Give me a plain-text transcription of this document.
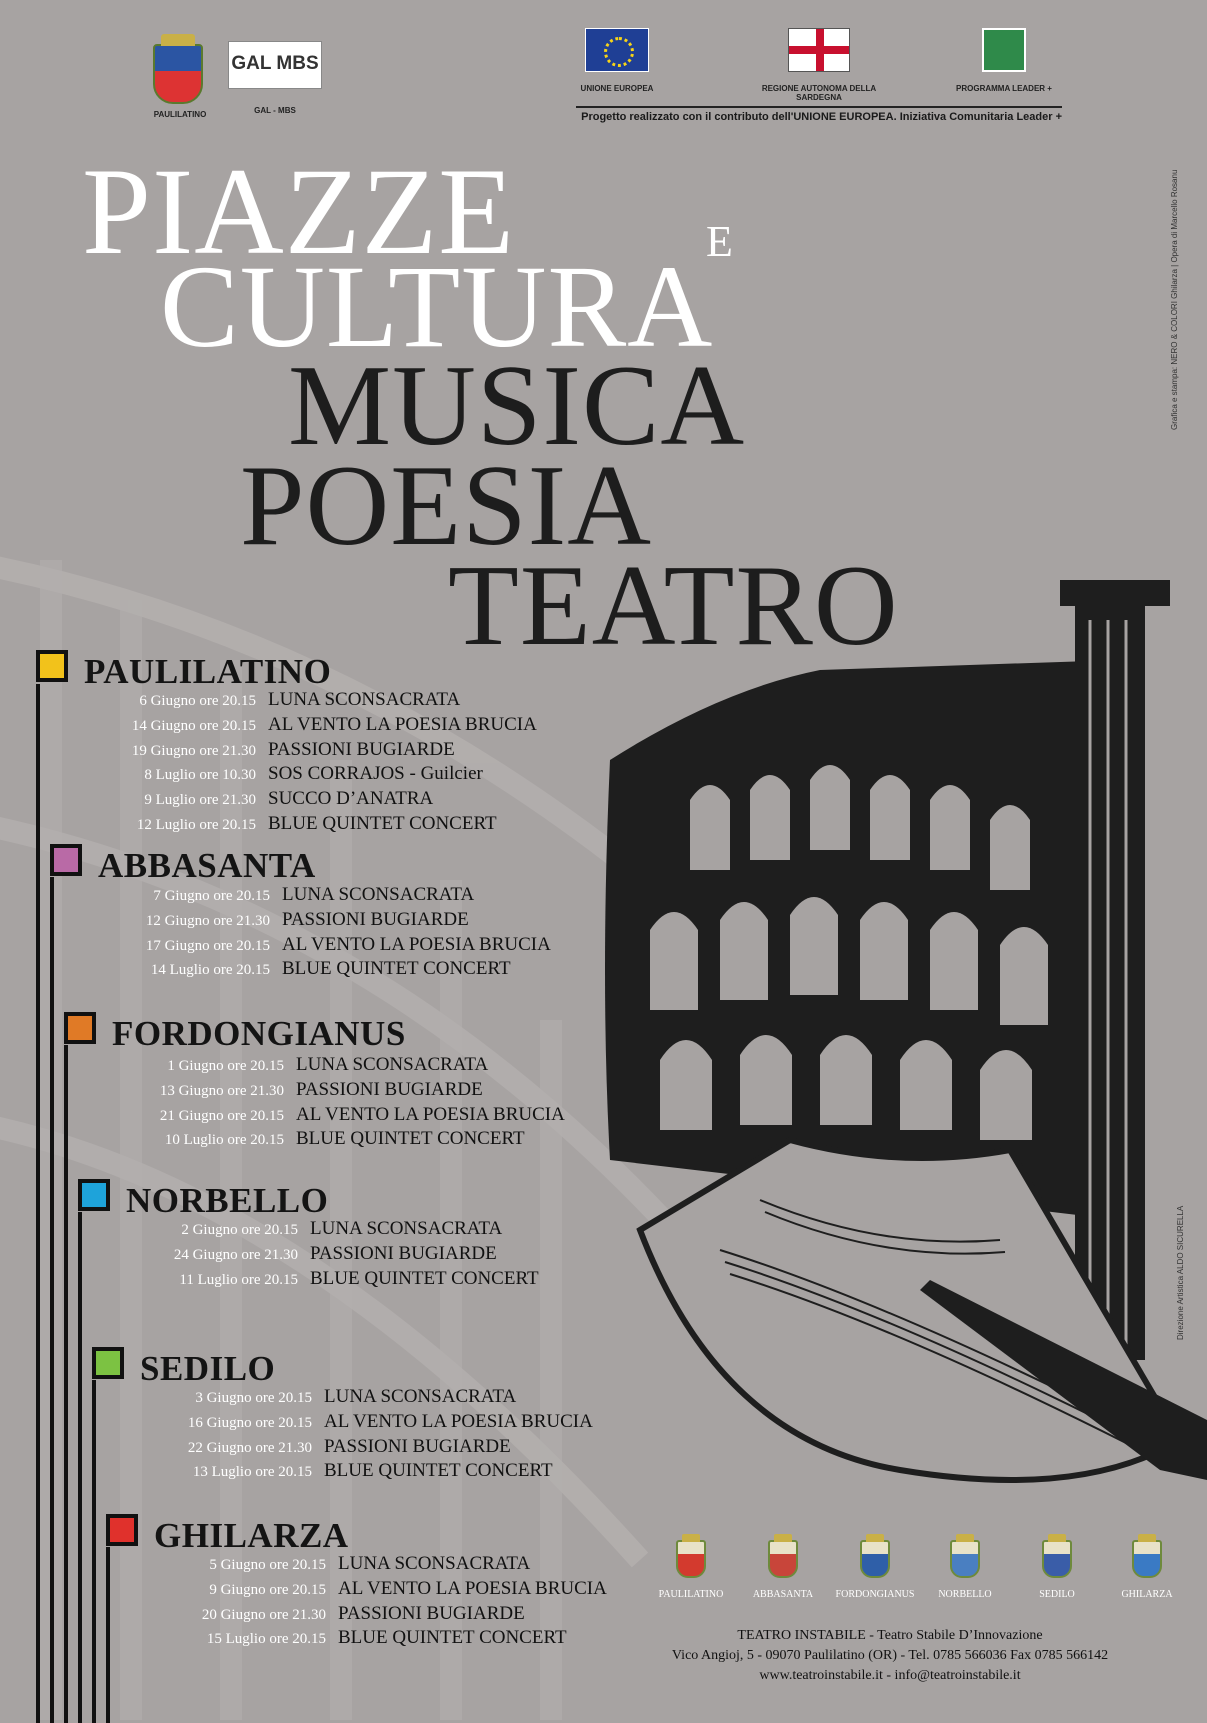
PAULILATINO
GAL MBS
GAL - MBS
UNIONE EUROPEA	REGIONE AUTONOMA DELLA SARDEGNA
PROGRAMMA LEADER +
Progetto realizzato con il contributo dell'UNIONE EUROPEA. Iniziativa Comunitaria Leader +
PIAZZE	E
CULTURA
MUSICA
POESIA
TEATRO
PAULILATINO
6 Giugno ore 20.15 LUNA SCONSACRATA
14 Giugno ore 20.15 AL VENTO LA POESIA BRUCIA
19 Giugno ore 21.30 PASSIONI BUGIARDE
8 Luglio ore 10.30 SOS CORRAJOS - Guilcier
9 Luglio ore 21.30 SUCCO D’ANATRA
12 Luglio ore 20.15 BLUE QUINTET CONCERT
ABBASANTA
7 Giugno ore 20.15 LUNA SCONSACRATA
12 Giugno ore 21.30 PASSIONI BUGIARDE
17 Giugno ore 20.15 AL VENTO LA POESIA BRUCIA
14 Luglio ore 20.15 BLUE QUINTET CONCERT
FORDONGIANUS
1 Giugno ore 20.15 LUNA SCONSACRATA
13 Giugno ore 21.30 PASSIONI BUGIARDE
21 Giugno ore 20.15 AL VENTO LA POESIA BRUCIA
10 Luglio ore 20.15 BLUE QUINTET CONCERT
NORBELLO
2 Giugno ore 20.15 LUNA SCONSACRATA
24 Giugno ore 21.30 PASSIONI BUGIARDE
11 Luglio ore 20.15 BLUE QUINTET CONCERT
SEDILO
3 Giugno ore 20.15 LUNA SCONSACRATA
16 Giugno ore 20.15 AL VENTO LA POESIA BRUCIA
22 Giugno ore 21.30 PASSIONI BUGIARDE
13 Luglio ore 20.15 BLUE QUINTET CONCERT
GHILARZA
5 Giugno ore 20.15 LUNA SCONSACRATA
9 Giugno ore 20.15 AL VENTO LA POESIA BRUCIA
20 Giugno ore 21.30 PASSIONI BUGIARDE
15 Luglio ore 20.15 BLUE QUINTET CONCERT
PAULILATINO	ABBASANTA	FORDONGIANUS	NORBELLO	SEDILO	GHILARZA
TEATRO INSTABILE - Teatro Stabile D’Innovazione
Vico Angioj, 5 - 09070 Paulilatino (OR) - Tel. 0785 566036 Fax 0785 566142
www.teatroinstabile.it - info@teatroinstabile.it
Grafica e stampa: NERO & COLORI Ghilarza | Opera di Marcello Rosanu
Direzione Artistica ALDO SICURELLA
